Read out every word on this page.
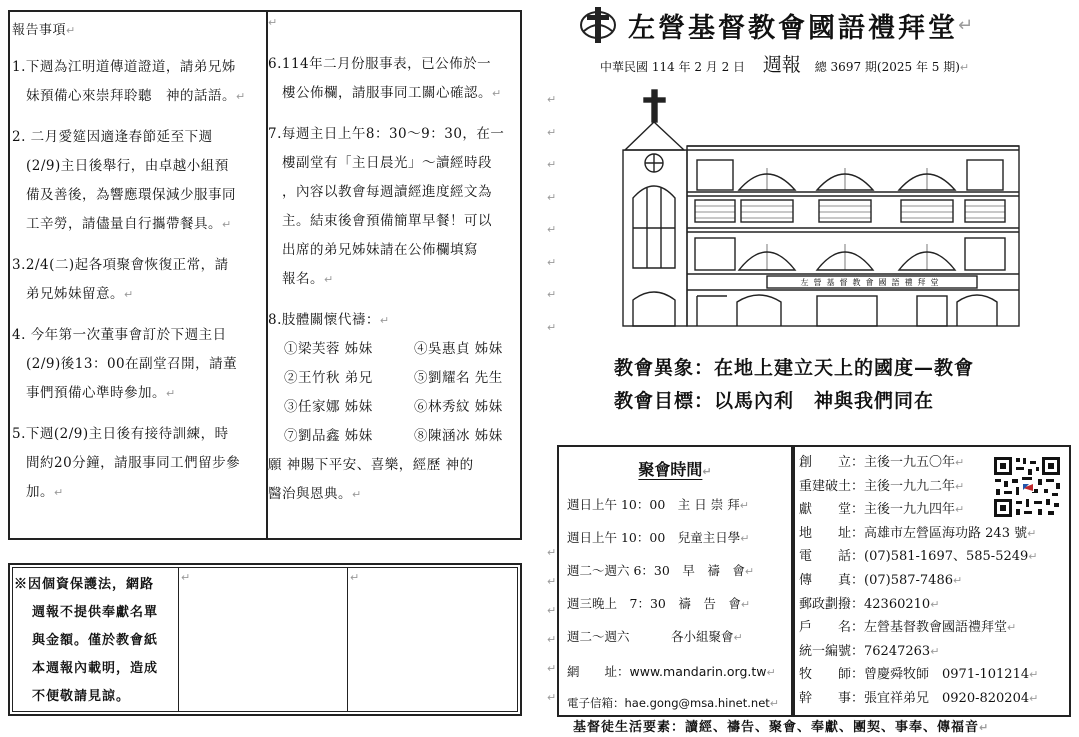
報告事項↵

1.下週為江明道傳道證道，請弟兄姊

妹預備心來崇拜聆聽　神的話語。↵

2. 二月愛筵因適逢春節延至下週

(2/9)主日後舉行，由卓越小組預

備及善後，為響應環保減少服事同

工辛勞，請儘量自行攜帶餐具。↵

3.2/4(二)起各項聚會恢復正常，請

弟兄姊妹留意。↵

4. 今年第一次董事會訂於下週主日

(2/9)後13：00在副堂召開，請董

事們預備心準時參加。↵

5.下週(2/9)主日後有接待訓練，時

間約20分鐘，請服事同工們留步參

加。↵

6.114年二月份服事表，已公佈於一

樓公佈欄，請服事同工關心確認。↵

7.每週主日上午8：30～9：30，在一

樓副堂有「主日晨光」～讀經時段

，內容以教會每週讀經進度經文為

主。結束後會預備簡單早餐！可以

出席的弟兄姊妹請在公佈欄填寫

報名。↵

8.肢體關懷代禱：↵

①梁芙蓉 姊妹	④吳惠貞 姊妹

②王竹秋 弟兄	⑤劉耀名 先生

③任家娜 姊妹	⑥林秀紋 姊妹

⑦劉品鑫 姊妹	⑧陳涵冰 姊妹

願 神賜下平安、喜樂，經歷 神的

醫治與恩典。↵

↵

※因個資保護法，網路

週報不提供奉獻名單

與金額。僅於教會紙

本週報內載明，造成

不便敬請見諒。

↵	↵
↵
↵
↵
↵
↵
↵
↵
↵
↵
↵
↵
↵
↵
↵
左營基督教會國語禮拜堂 ↵
中華民國 114 年 2 月 2 日 週報 總 3697 期(2025 年 5 期)↵
左營基督教會國語禮拜堂

教會異象：在地上建立天上的國度—教會

教會目標：以馬內利　神與我們同在

聚會時間↵
週日上午 10：00　主 日 崇 拜↵
週日上午 10：00　兒童主日學↵
週二～週六 6：30　早　禱　會↵
週三晚上　7：30　禱　告　會↵
週二～週六　　　 各小組聚會↵
網　　址：www.mandarin.org.tw↵
電子信箱：hae.gong@msa.hinet.net↵
創　　立：主後一九五〇年↵
重建破土：主後一九九二年↵
獻　　堂：主後一九九四年↵
地　　址：高雄市左營區海功路 243 號↵
電　　話：(07)581-1697、585-5249↵
傳　　真：(07)587-7486↵
郵政劃撥：42360210↵
戶　　名：左營基督教會國語禮拜堂↵
統一編號：76247263↵
牧　　師：曾慶舜牧師　0971-101214↵
幹　　事：張宜祥弟兄　0920-820204↵
基督徒生活要素：讀經、禱告、聚會、奉獻、團契、事奉、傳福音↵
